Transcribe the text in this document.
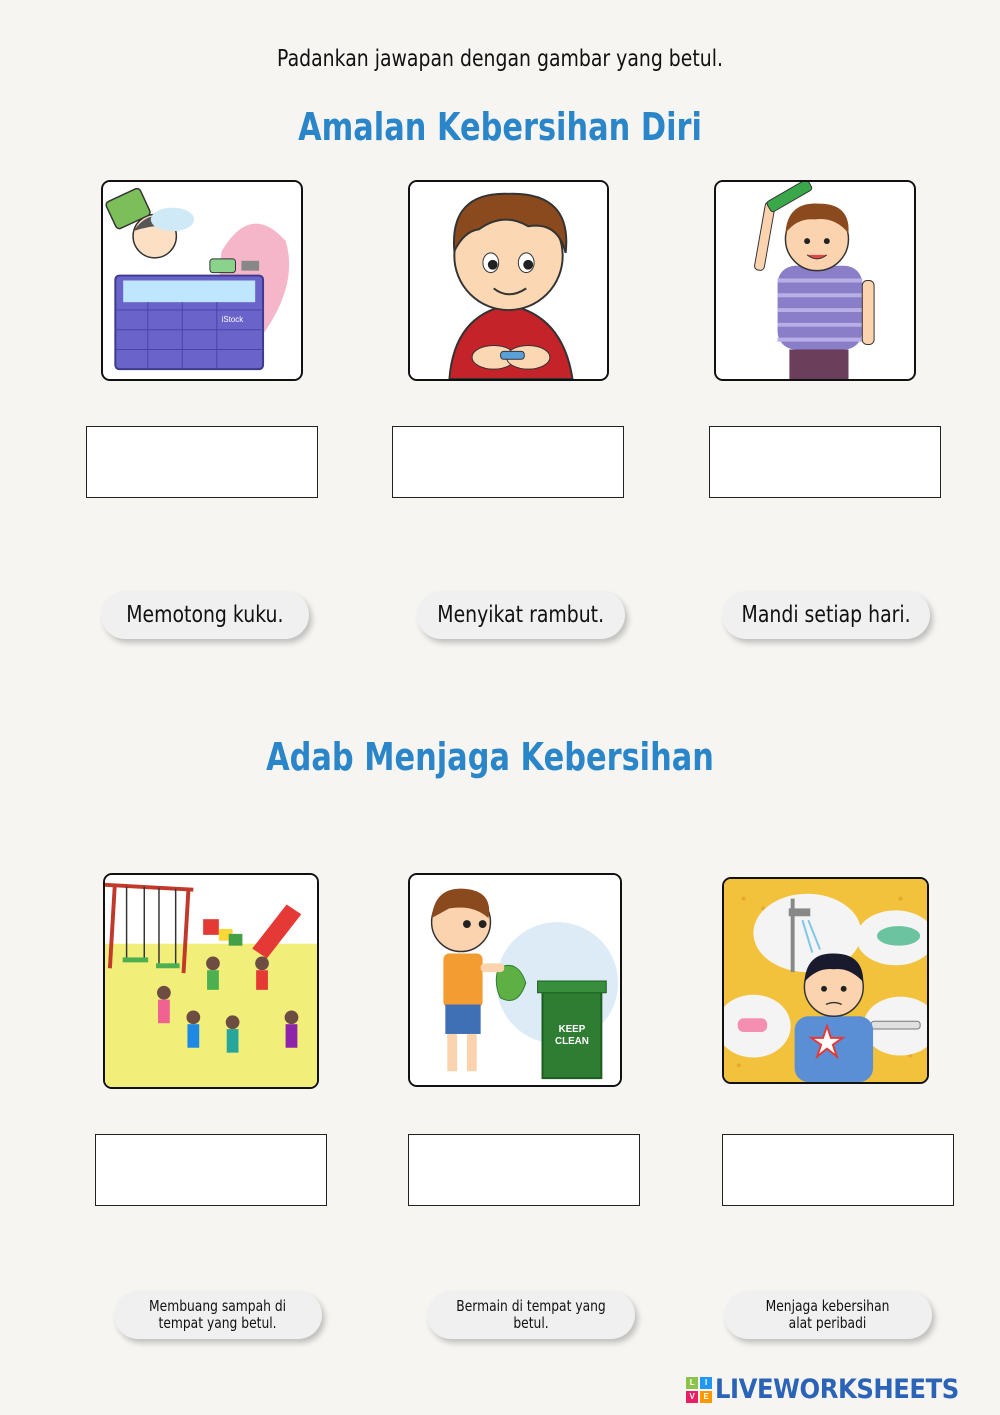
Padankan jawapan dengan gambar yang betul.
Amalan Kebersihan Diri
iStock
Memotong kuku.	Menyikat rambut.	Mandi setiap hari.
Adab Menjaga Kebersihan
KEEP CLEAN
Membuang sampah di
tempat yang betul.
Bermain di tempat yang betul.
Menjaga kebersihan
alat peribadi
L	I
V	E LIVEWORKSHEETS
